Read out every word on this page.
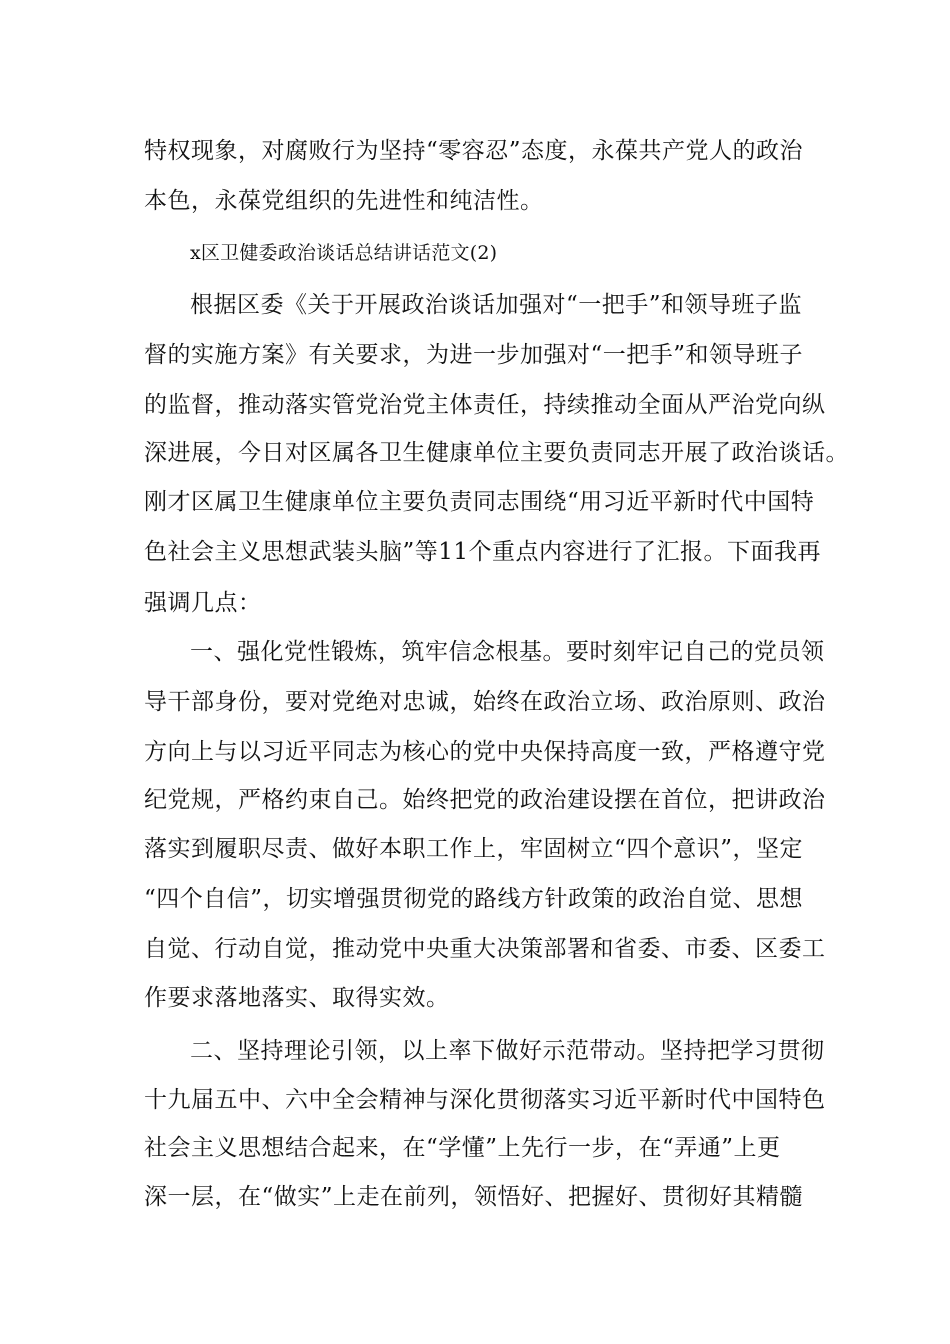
特权现象，对腐败行为坚持“零容忍”态度，永葆共产党人的政治
本色，永葆党组织的先进性和纯洁性。
x区卫健委政治谈话总结讲话范文(2)
根据区委《关于开展政治谈话加强对“一把手”和领导班子监
督的实施方案》有关要求，为进一步加强对“一把手”和领导班子
的监督，推动落实管党治党主体责任，持续推动全面从严治党向纵
深进展，今日对区属各卫生健康单位主要负责同志开展了政治谈话。
刚才区属卫生健康单位主要负责同志围绕“用习近平新时代中国特
色社会主义思想武装头脑”等11个重点内容进行了汇报。下面我再
强调几点：
一、强化党性锻炼，筑牢信念根基。要时刻牢记自己的党员领
导干部身份，要对党绝对忠诚，始终在政治立场、政治原则、政治
方向上与以习近平同志为核心的党中央保持高度一致，严格遵守党
纪党规，严格约束自己。始终把党的政治建设摆在首位，把讲政治
落实到履职尽责、做好本职工作上，牢固树立“四个意识”，坚定
“四个自信”，切实增强贯彻党的路线方针政策的政治自觉、思想
自觉、行动自觉，推动党中央重大决策部署和省委、市委、区委工
作要求落地落实、取得实效。
二、坚持理论引领，以上率下做好示范带动。坚持把学习贯彻
十九届五中、六中全会精神与深化贯彻落实习近平新时代中国特色
社会主义思想结合起来，在“学懂”上先行一步，在“弄通”上更
深一层，在“做实”上走在前列，领悟好、把握好、贯彻好其精髓
